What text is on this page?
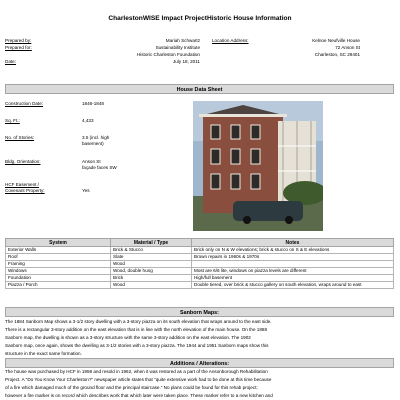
CharlestonWISE Impact ProjectHistoric House Information
Prepared by:	Mariah Schwartz
Prepared for:	Sustainability Institute
Historic Charleston Foundation
Date:	July 18, 2011
Location Address:	Kelnoe Neufville House
72 Anson St
Charleston, SC 29401
House Data Sheet
Construction Date:	1846-1848
Sq. Ft.:	4,433
No. of Stories:	3.5 (incl. high
basement)
Bldg. Orientation:	Anson St
façade faces SW
HCF Easement /
Covenant Property:	Yes
System	Material / Type	Notes
Exterior Walls	Brick & Stucco	Brick only on N & W elevations; brick & stucco on S & E elevations
Roof	Slate	Brown repairs in 1960s & 1970s
Framing	Wood	
Windows	Wood, double hung	Most are 6/6 lite, windows on piazza levels are different
Foundation	Brick	High/full basement
Piazza / Porch	Wood	Double tiered, over brick & stucco gallery on south elevation, wraps around to east
Sanborn Maps:
The 1884 Sanborn Map shows a 3-1/2 story dwelling with a 3-story piazza on its south elevation that wraps around to the east side.
There is a rectangular 3-story addition on the east elevation that is in line with the north elevation of the main house. On the 1888
Sanborn map, the dwelling is shown as a 3-story structure with the same 3-story addition on the east elevation. The 1902
Sanborn map, once again, shows the dwelling as 3-1/2 stories with a 3-story piazza. The 1944 and 1951 Sanborn maps show this
structure in the exact same formation.
Additions / Alterations:
The house was purchased by HCF in 1959 and resold in 1962, when it was restored as a part of the Ansonborough Rehabilitation
Project. A "Do You Know Your Charleston?" newspaper article states that "quite extensive work had to be done at this time because
of a fire which damaged much of the ground floor and the principal staircase." No plans could be found for this rehab project;
however a fire marker is on record which describes work that which later were taken place. These marker refer to a new kitchen and
